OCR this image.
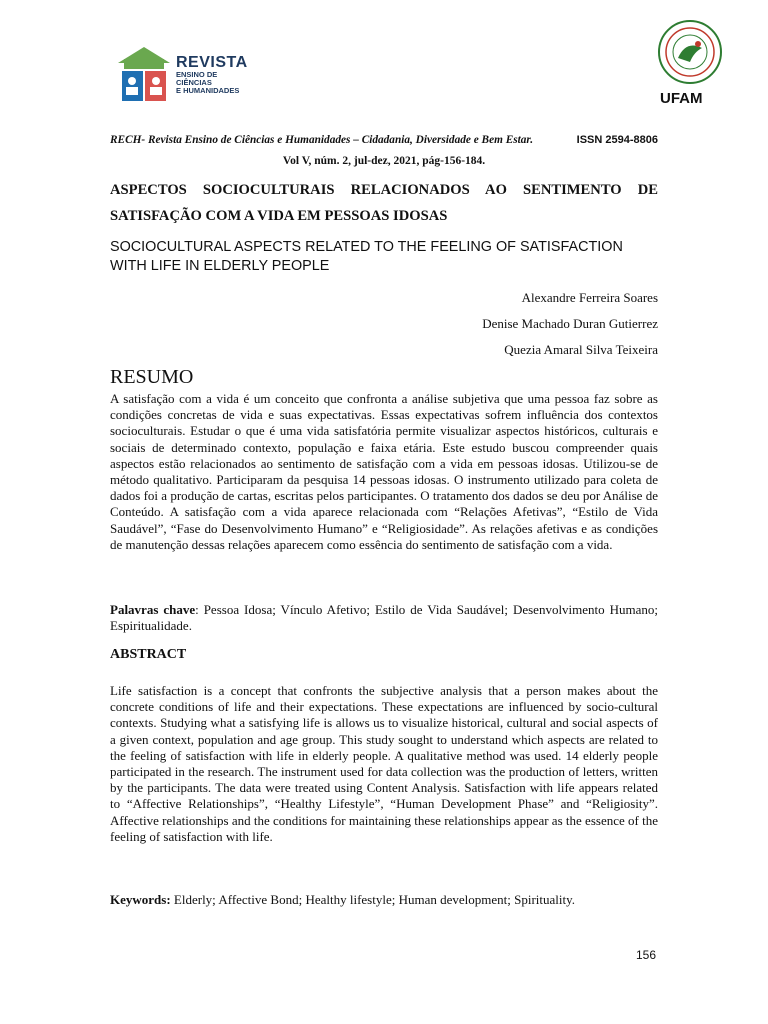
REVISTA
ENSINO DE CIÊNCIAS
E HUMANIDADES	UFAM
RECH- Revista Ensino de Ciências e Humanidades – Cidadania, Diversidade e Bem Estar.	ISSN 2594-8806
Vol V, núm. 2, jul-dez, 2021, pág-156-184.
ASPECTOS SOCIOCULTURAIS RELACIONADOS AO SENTIMENTO DE SATISFAÇÃO COM A VIDA EM PESSOAS IDOSAS
SOCIOCULTURAL ASPECTS RELATED TO THE FEELING OF SATISFACTION WITH LIFE IN ELDERLY PEOPLE
Alexandre Ferreira Soares
Denise Machado Duran Gutierrez
Quezia Amaral Silva Teixeira
RESUMO
A satisfação com a vida é um conceito que confronta a análise subjetiva que uma pessoa faz sobre as condições concretas de vida e suas expectativas. Essas expectativas sofrem influência dos contextos socioculturais. Estudar o que é uma vida satisfatória permite visualizar aspectos históricos, culturais e sociais de determinado contexto, população e faixa etária. Este estudo buscou compreender quais aspectos estão relacionados ao sentimento de satisfação com a vida em pessoas idosas. Utilizou-se de método qualitativo. Participaram da pesquisa 14 pessoas idosas. O instrumento utilizado para coleta de dados foi a produção de cartas, escritas pelos participantes. O tratamento dos dados se deu por Análise de Conteúdo. A satisfação com a vida aparece relacionada com “Relações Afetivas”, “Estilo de Vida Saudável”, “Fase do Desenvolvimento Humano” e “Religiosidade”. As relações afetivas e as condições de manutenção dessas relações aparecem como essência do sentimento de satisfação com a vida.
Palavras chave: Pessoa Idosa; Vínculo Afetivo; Estilo de Vida Saudável; Desenvolvimento Humano; Espiritualidade.
ABSTRACT
Life satisfaction is a concept that confronts the subjective analysis that a person makes about the concrete conditions of life and their expectations. These expectations are influenced by socio-cultural contexts. Studying what a satisfying life is allows us to visualize historical, cultural and social aspects of a given context, population and age group. This study sought to understand which aspects are related to the feeling of satisfaction with life in elderly people. A qualitative method was used. 14 elderly people participated in the research. The instrument used for data collection was the production of letters, written by the participants. The data were treated using Content Analysis. Satisfaction with life appears related to “Affective Relationships”, “Healthy Lifestyle”, “Human Development Phase” and “Religiosity”. Affective relationships and the conditions for maintaining these relationships appear as the essence of the feeling of satisfaction with life.
Keywords: Elderly; Affective Bond; Healthy lifestyle; Human development; Spirituality.
156
